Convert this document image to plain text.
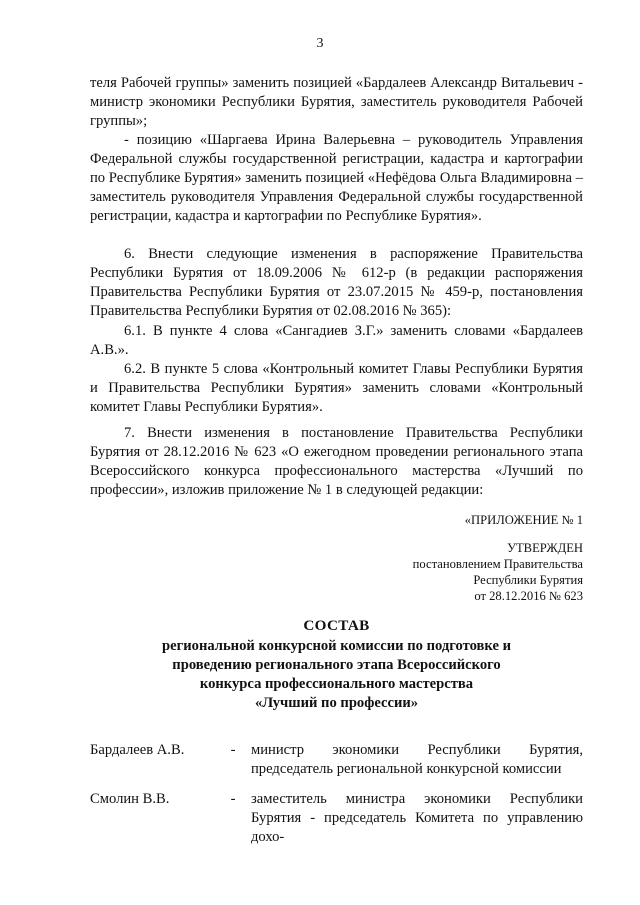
3
теля Рабочей группы» заменить позицией «Бардалеев Александр Витальевич - министр экономики Республики Бурятия, заместитель руководителя Рабочей группы»;
- позицию «Шаргаева Ирина Валерьевна – руководитель Управления Федеральной службы государственной регистрации, кадастра и картографии по Республике Бурятия» заменить позицией «Нефёдова Ольга Владимировна – заместитель руководителя Управления Федеральной службы государственной регистрации, кадастра и картографии по Республике Бурятия».
6. Внести следующие изменения в распоряжение Правительства Республики Бурятия от 18.09.2006 № 612-р (в редакции распоряжения Правительства Республики Бурятия от 23.07.2015 № 459-р, постановления Правительства Республики Бурятия от 02.08.2016 № 365):
6.1. В пункте 4 слова «Сангадиев З.Г.» заменить словами «Бардалеев А.В.».
6.2. В пункте 5 слова «Контрольный комитет Главы Республики Бурятия и Правительства Республики Бурятия» заменить словами «Контрольный комитет Главы Республики Бурятия».
7. Внести изменения в постановление Правительства Республики Бурятия от 28.12.2016 № 623 «О ежегодном проведении регионального этапа Всероссийского конкурса профессионального мастерства «Лучший по профессии», изложив приложение № 1 в следующей редакции:
«ПРИЛОЖЕНИЕ № 1
УТВЕРЖДЕН
постановлением Правительства
Республики Бурятия
от 28.12.2016 № 623
СОСТАВ
региональной конкурсной комиссии по подготовке и
проведению регионального этапа Всероссийского
конкурса профессионального мастерства
«Лучший по профессии»
Бардалеев А.В.	- министр экономики Республики Бурятия, председатель региональной конкурсной комиссии
Смолин В.В.	- заместитель министра экономики Республики Бурятия - председатель Комитета по управлению дохо-
